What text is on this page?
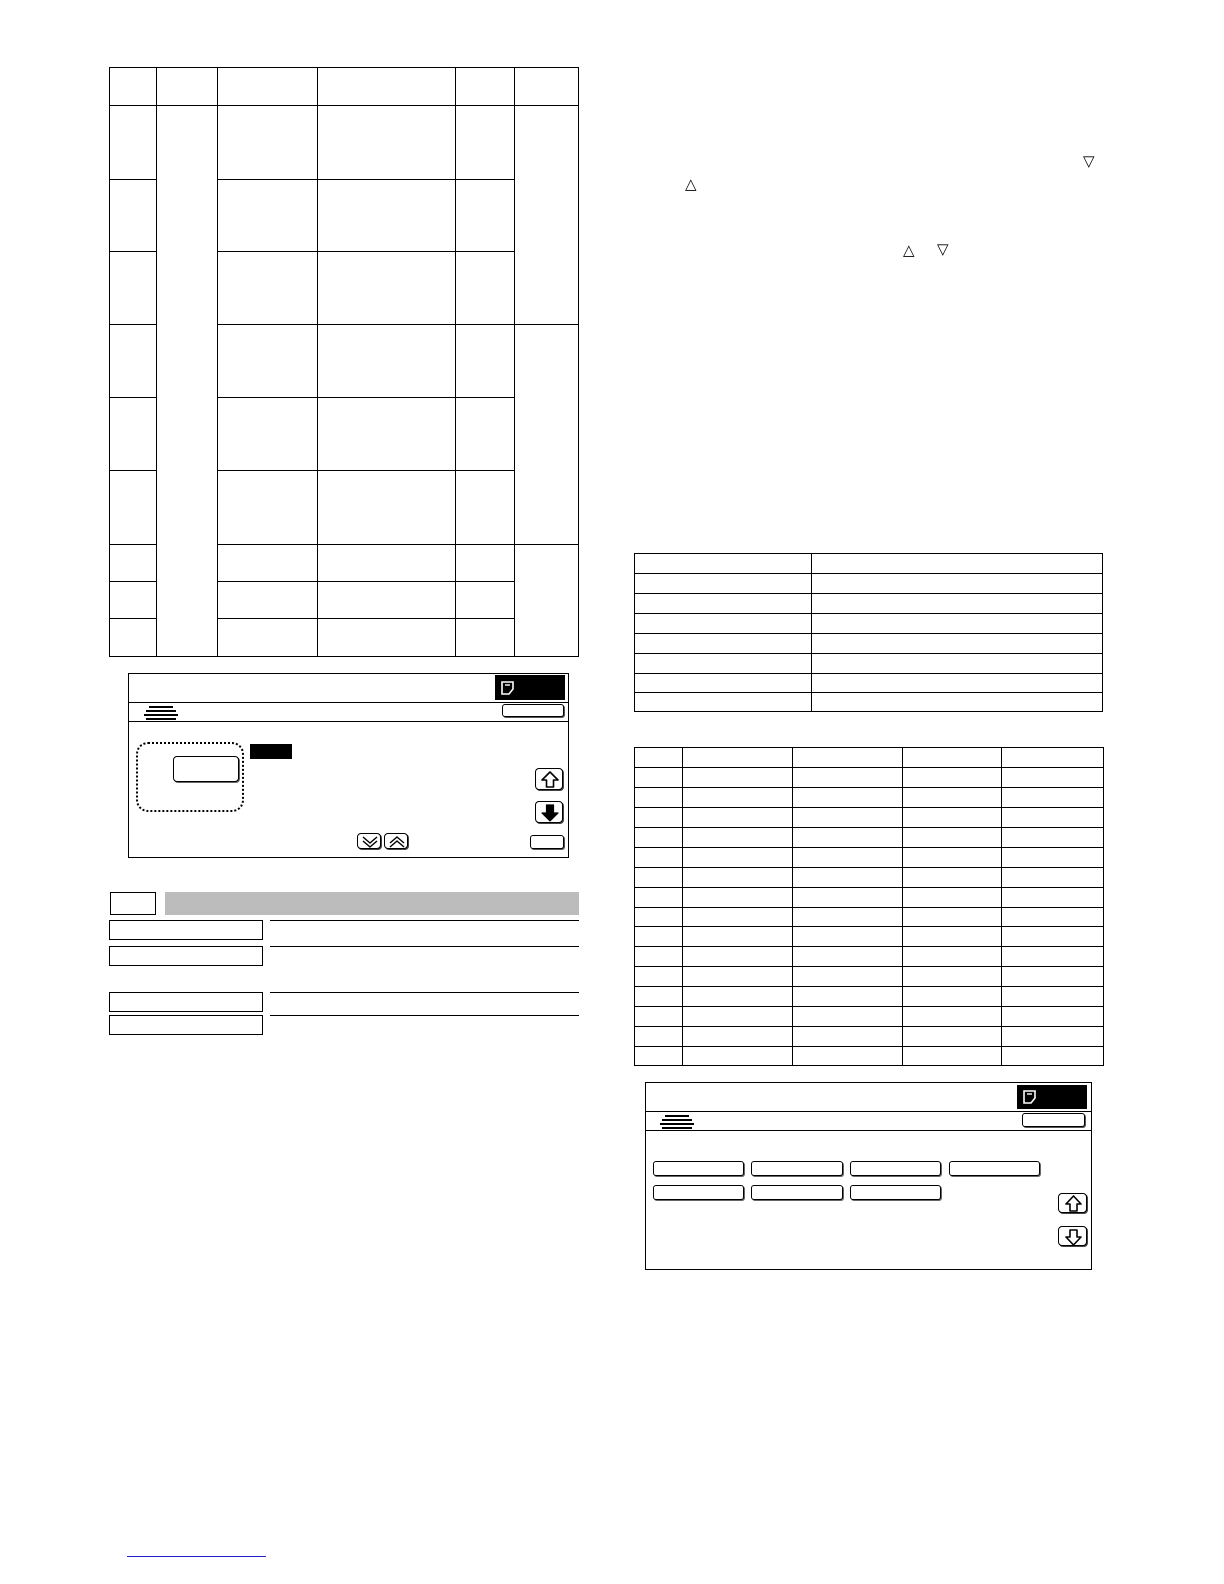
▽
△
△ ▽
